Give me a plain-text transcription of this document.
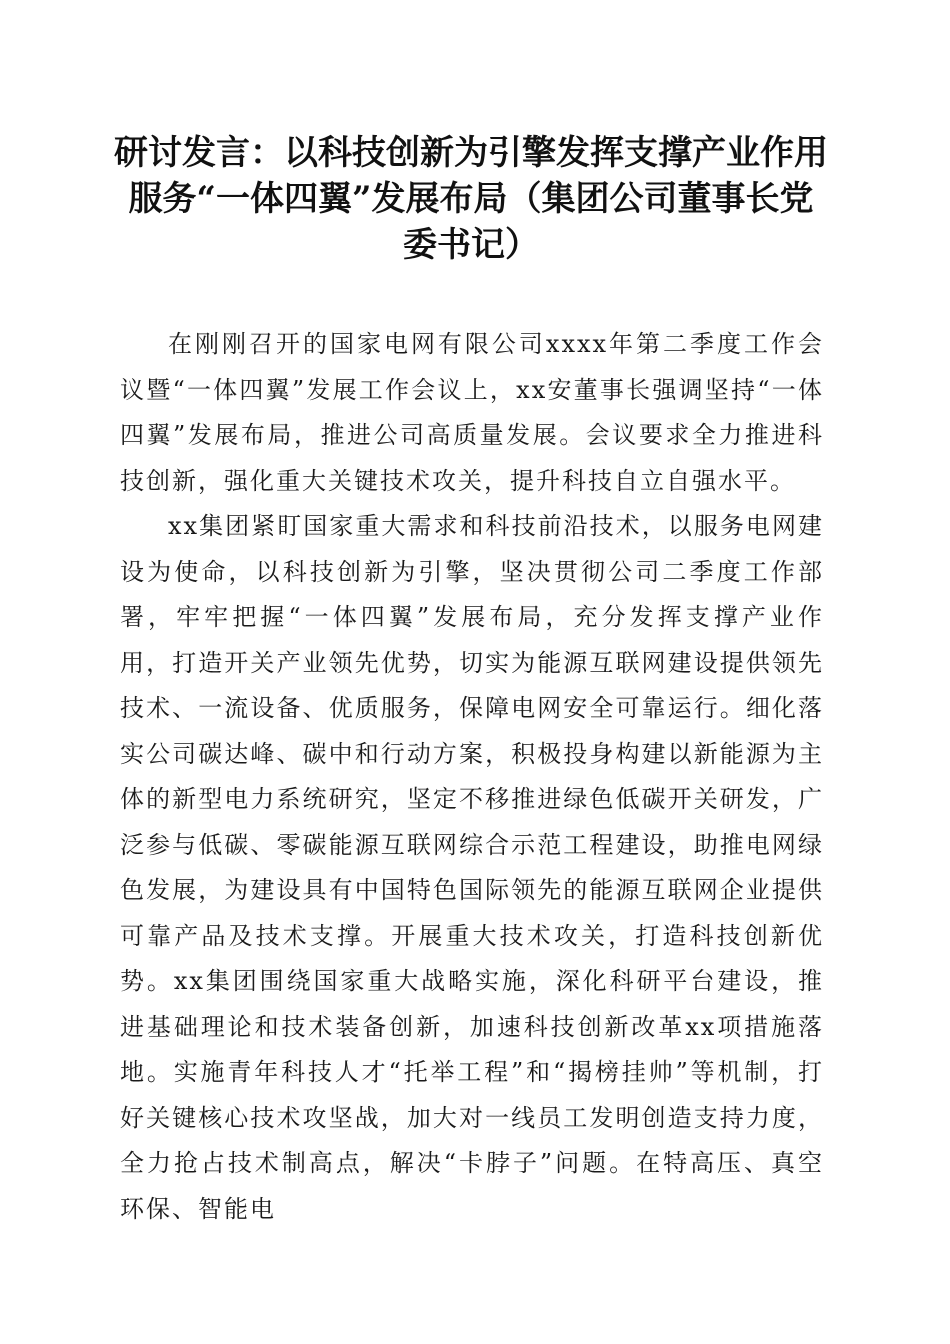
研讨发言：以科技创新为引擎发挥支撑产业作用服务“一体四翼”发展布局（集团公司董事长党委书记）

在刚刚召开的国家电网有限公司xxxx年第二季度工作会议暨“一体四翼”发展工作会议上，xx安董事长强调坚持“一体四翼”发展布局，推进公司高质量发展。会议要求全力推进科技创新，强化重大关键技术攻关，提升科技自立自强水平。

xx集团紧盯国家重大需求和科技前沿技术，以服务电网建设为使命，以科技创新为引擎，坚决贯彻公司二季度工作部署，牢牢把握“一体四翼”发展布局，充分发挥支撑产业作用，打造开关产业领先优势，切实为能源互联网建设提供领先技术、一流设备、优质服务，保障电网安全可靠运行。细化落实公司碳达峰、碳中和行动方案，积极投身构建以新能源为主体的新型电力系统研究，坚定不移推进绿色低碳开关研发，广泛参与低碳、零碳能源互联网综合示范工程建设，助推电网绿色发展，为建设具有中国特色国际领先的能源互联网企业提供可靠产品及技术支撑。开展重大技术攻关，打造科技创新优势。xx集团围绕国家重大战略实施，深化科研平台建设，推进基础理论和技术装备创新，加速科技创新改革xx项措施落地。实施青年科技人才“托举工程”和“揭榜挂帅”等机制，打好关键核心技术攻坚战，加大对一线员工发明创造支持力度，全力抢占技术制高点，解决“卡脖子”问题。在特高压、真空环保、智能电
